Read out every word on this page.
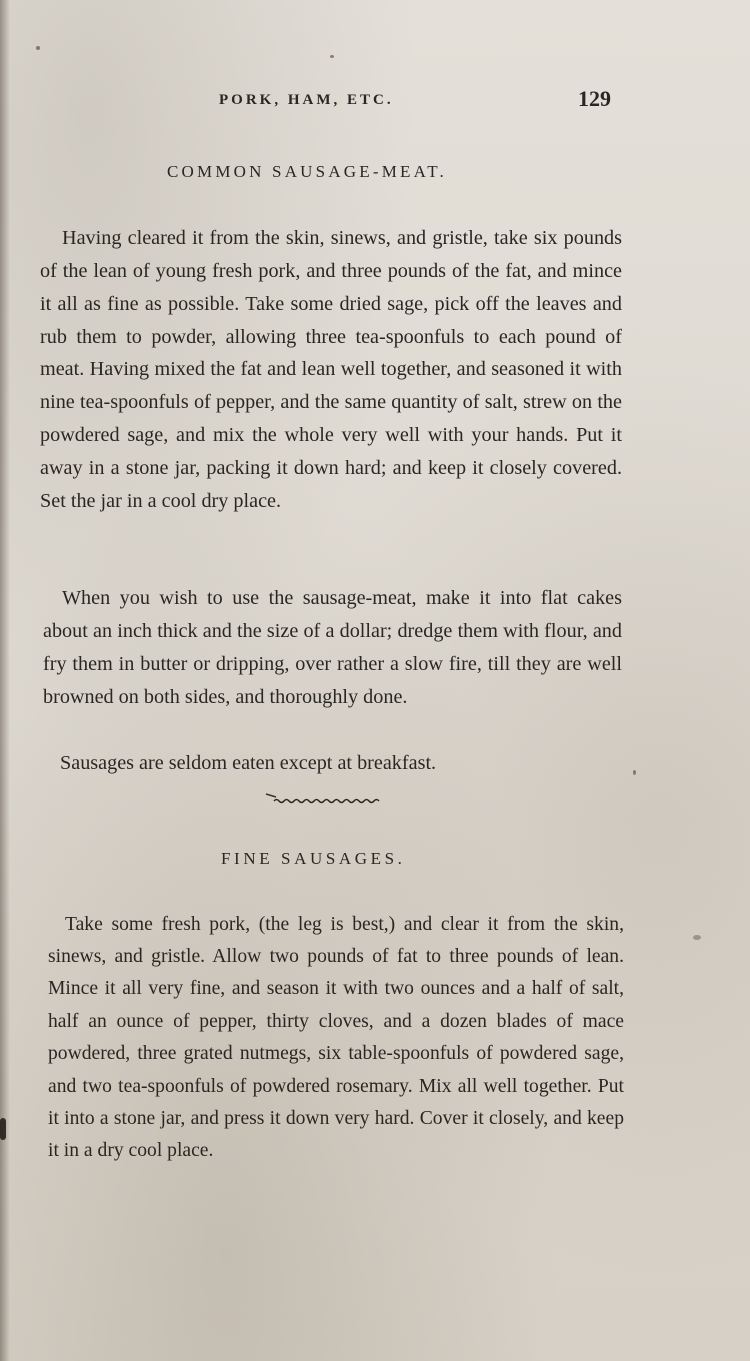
PORK, HAM, ETC.	129
COMMON SAUSAGE-MEAT.

Having cleared it from the skin, sinews, and gristle, take six pounds of the lean of young fresh pork, and three pounds of the fat, and mince it all as fine as possible. Take some dried sage, pick off the leaves and rub them to powder, allowing three tea-spoonfuls to each pound of meat. Having mixed the fat and lean well together, and seasoned it with nine tea-spoonfuls of pepper, and the same quantity of salt, strew on the powdered sage, and mix the whole very well with your hands. Put it away in a stone jar, packing it down hard; and keep it closely covered. Set the jar in a cool dry place.

When you wish to use the sausage-meat, make it into flat cakes about an inch thick and the size of a dollar; dredge them with flour, and fry them in butter or dripping, over rather a slow fire, till they are well browned on both sides, and thoroughly done.

Sausages are seldom eaten except at breakfast.

FINE SAUSAGES.

Take some fresh pork, (the leg is best,) and clear it from the skin, sinews, and gristle. Allow two pounds of fat to three pounds of lean. Mince it all very fine, and season it with two ounces and a half of salt, half an ounce of pepper, thirty cloves, and a dozen blades of mace powdered, three grated nutmegs, six table-spoonfuls of powdered sage, and two tea-spoonfuls of powdered rosemary. Mix all well together. Put it into a stone jar, and press it down very hard. Cover it closely, and keep it in a dry cool place.
